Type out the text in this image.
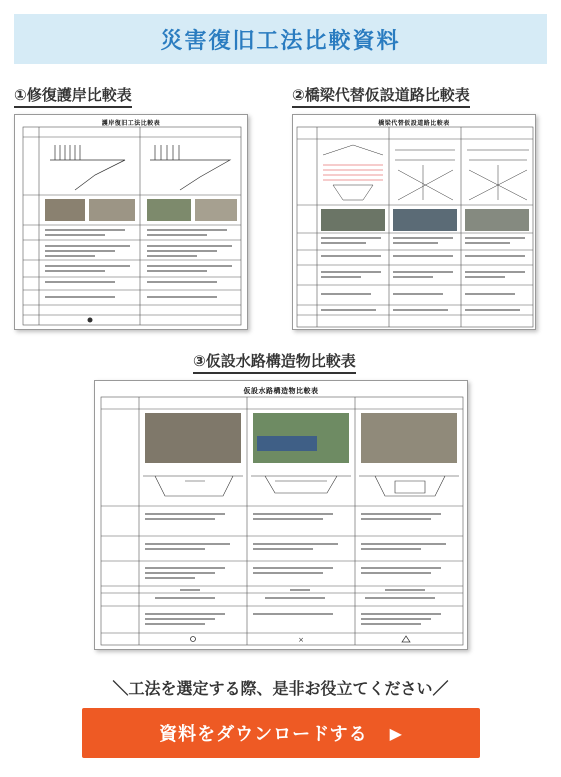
災害復旧工法比較資料
①修復護岸比較表
護岸復旧工法比較表
②橋梁代替仮設道路比較表
橋梁代替仮設道路比較表
③仮設水路構造物比較表
仮設水路構造物比較表
×
＼工法を選定する際、是非お役立てください／
資料をダウンロードする ▶
